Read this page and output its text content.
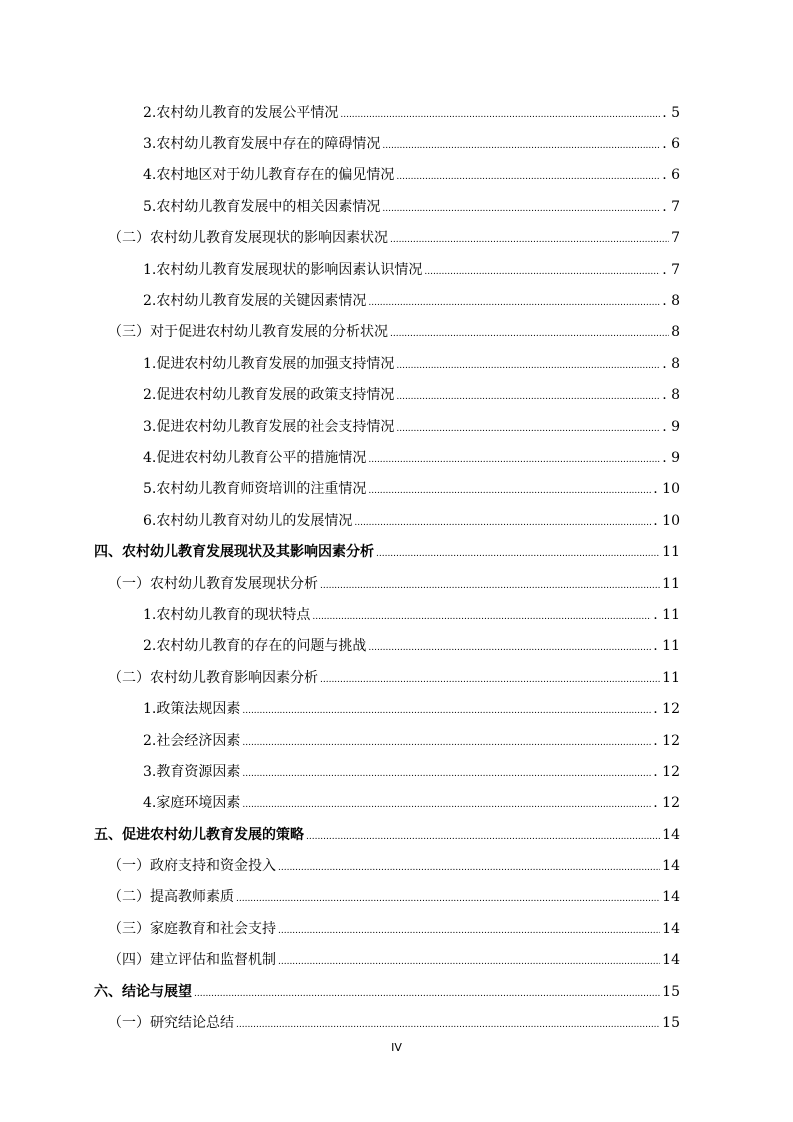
2. 农村幼儿教育的发展公平情况 .....	. 5
3. 农村幼儿教育发展中存在的障碍情况 .....	. 6
4. 农村地区对于幼儿教育存在的偏见情况 .....	. 6
5. 农村幼儿教育发展中的相关因素情况 .....	. 7
（二） 农村幼儿教育发展现状的影响因素状况 .....	7
1. 农村幼儿教育发展现状的影响因素认识情况 .....	. 7
2. 农村幼儿教育发展的关键因素情况 .....	. 8
（三） 对于促进农村幼儿教育发展的分析状况 .....	8
1. 促进农村幼儿教育发展的加强支持情况 .....	. 8
2. 促进农村幼儿教育发展的政策支持情况 .....	. 8
3. 促进农村幼儿教育发展的社会支持情况 .....	. 9
4. 促进农村幼儿教育公平的措施情况 .....	. 9
5. 农村幼儿教育师资培训的注重情况 .....	. 10
6. 农村幼儿教育对幼儿的发展情况 .....	. 10
四、农村幼儿教育发展现状及其影响因素分析 .....	11
（一） 农村幼儿教育发展现状分析 .....	11
1. 农村幼儿教育的现状特点 .....	. 11
2. 农村幼儿教育的存在的问题与挑战 .....	. 11
（二） 农村幼儿教育影响因素分析 .....	11
1. 政策法规因素 .....	. 12
2. 社会经济因素 .....	. 12
3. 教育资源因素 .....	. 12
4. 家庭环境因素 .....	. 12
五、促进农村幼儿教育发展的策略 .....	14
（一） 政府支持和资金投入 .....	14
（二） 提高教师素质 .....	14
（三） 家庭教育和社会支持 .....	14
（四） 建立评估和监督机制 .....	14
六、结论与展望 .....	15
（一） 研究结论总结 .....	15
IV
